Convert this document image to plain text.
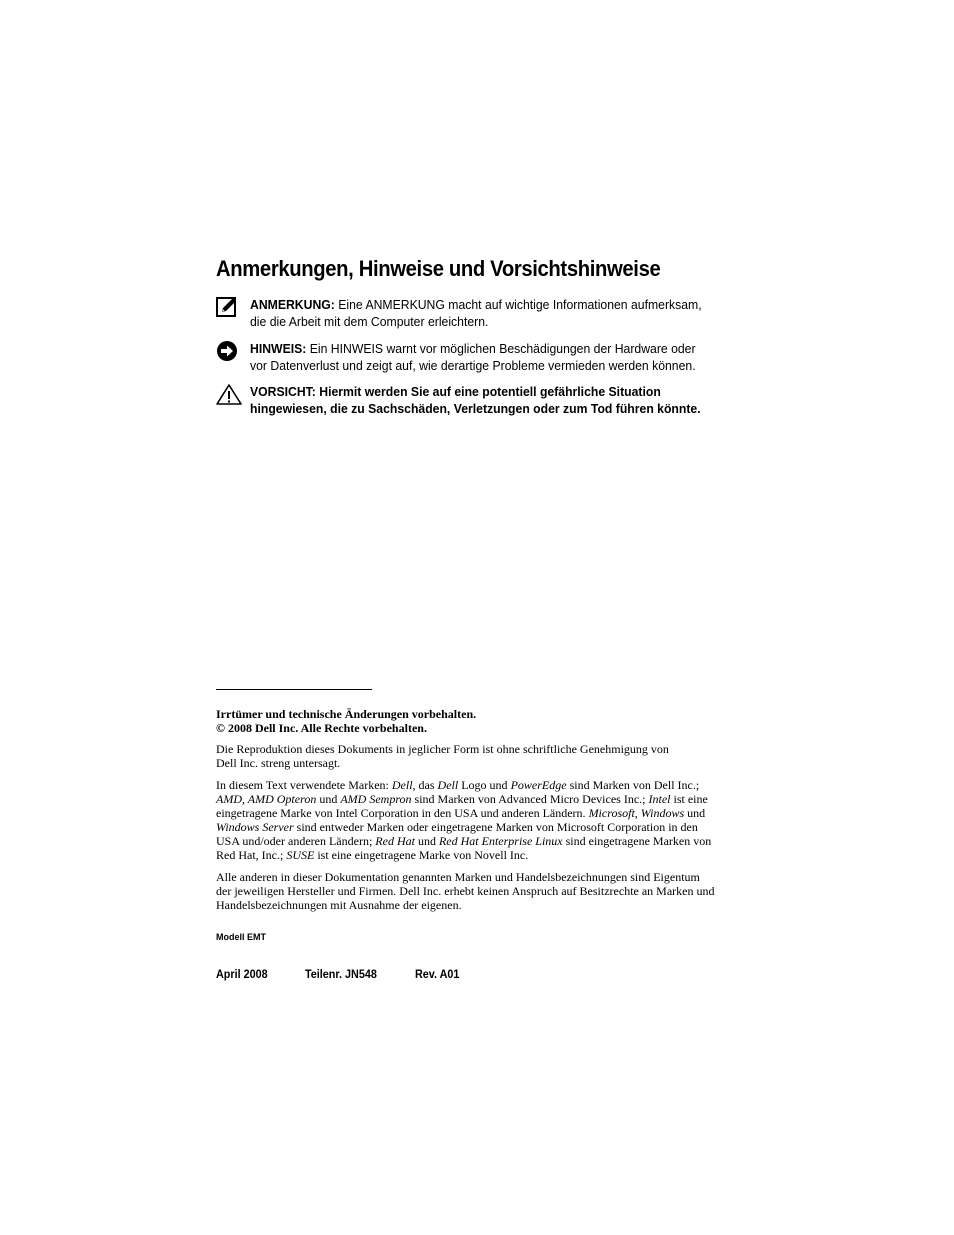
Anmerkungen, Hinweise und Vorsichtshinweise
ANMERKUNG: Eine ANMERKUNG macht auf wichtige Informationen aufmerksam, die die Arbeit mit dem Computer erleichtern.
HINWEIS: Ein HINWEIS warnt vor möglichen Beschädigungen der Hardware oder vor Datenverlust und zeigt auf, wie derartige Probleme vermieden werden können.
VORSICHT: Hiermit werden Sie auf eine potentiell gefährliche Situation hingewiesen, die zu Sachschäden, Verletzungen oder zum Tod führen könnte.

Irrtümer und technische Änderungen vorbehalten.
© 2008 Dell Inc. Alle Rechte vorbehalten.

Die Reproduktion dieses Dokuments in jeglicher Form ist ohne schriftliche Genehmigung von Dell Inc. streng untersagt.

In diesem Text verwendete Marken: Dell, das Dell Logo und PowerEdge sind Marken von Dell Inc.; AMD, AMD Opteron und AMD Sempron sind Marken von Advanced Micro Devices Inc.; Intel ist eine eingetragene Marke von Intel Corporation in den USA und anderen Ländern. Microsoft, Windows und Windows Server sind entweder Marken oder eingetragene Marken von Microsoft Corporation in den USA und/oder anderen Ländern; Red Hat und Red Hat Enterprise Linux sind eingetragene Marken von Red Hat, Inc.; SUSE ist eine eingetragene Marke von Novell Inc.

Alle anderen in dieser Dokumentation genannten Marken und Handelsbezeichnungen sind Eigentum der jeweiligen Hersteller und Firmen. Dell Inc. erhebt keinen Anspruch auf Besitzrechte an Marken und Handelsbezeichnungen mit Ausnahme der eigenen.

Modell EMT
April 2008	Teilenr. JN548	Rev. A01
